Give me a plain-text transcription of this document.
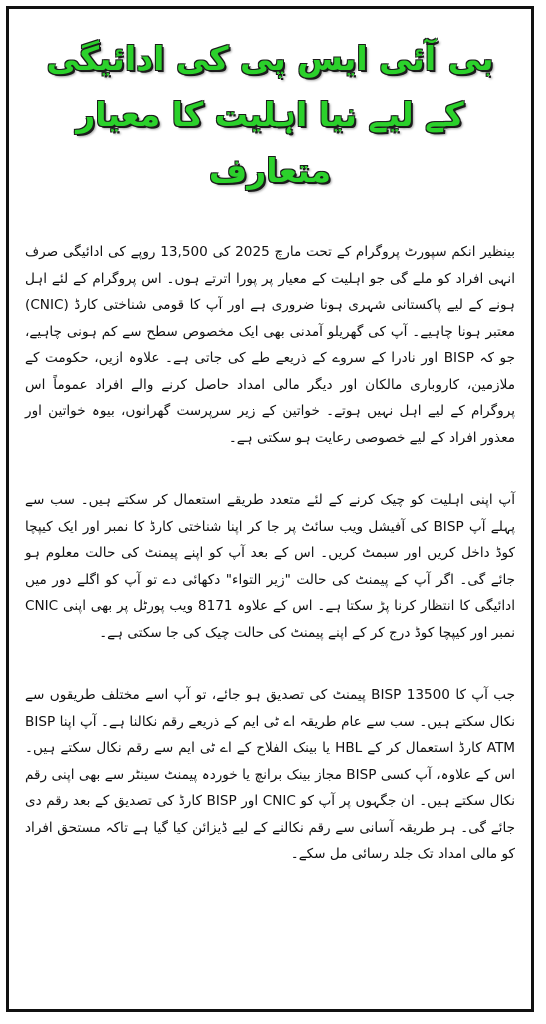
بی آئی ایس پی کی ادائیگی
کے لیے نیا اہلیت کا معیار
متعارف

بینظیر انکم سپورٹ پروگرام کے تحت مارچ 2025 کی 13,500 روپے کی ادائیگی صرف انہی افراد کو ملے گی جو اہلیت کے معیار پر پورا اترتے ہوں۔ اس پروگرام کے لئے اہل ہونے کے لیے پاکستانی شہری ہونا ضروری ہے اور آپ کا قومی شناختی کارڈ (CNIC) معتبر ہونا چاہیے۔ آپ کی گھریلو آمدنی بھی ایک مخصوص سطح سے کم ہونی چاہیے، جو کہ BISP اور نادرا کے سروے کے ذریعے طے کی جاتی ہے۔ علاوہ ازیں، حکومت کے ملازمین، کاروباری مالکان اور دیگر مالی امداد حاصل کرنے والے افراد عموماً اس پروگرام کے لیے اہل نہیں ہوتے۔ خواتین کے زیر سرپرست گھرانوں، بیوہ خواتین اور معذور افراد کے لیے خصوصی رعایت ہو سکتی ہے۔

آپ اپنی اہلیت کو چیک کرنے کے لئے متعدد طریقے استعمال کر سکتے ہیں۔ سب سے پہلے آپ BISP کی آفیشل ویب سائٹ پر جا کر اپنا شناختی کارڈ کا نمبر اور ایک کیپچا کوڈ داخل کریں اور سبمٹ کریں۔ اس کے بعد آپ کو اپنے پیمنٹ کی حالت معلوم ہو جائے گی۔ اگر آپ کے پیمنٹ کی حالت "زیر التواء" دکھائی دے تو آپ کو اگلے دور میں ادائیگی کا انتظار کرنا پڑ سکتا ہے۔ اس کے علاوہ 8171 ویب پورٹل پر بھی اپنی CNIC نمبر اور کیپچا کوڈ درج کر کے اپنے پیمنٹ کی حالت چیک کی جا سکتی ہے۔

جب آپ کا BISP 13500 پیمنٹ کی تصدیق ہو جائے، تو آپ اسے مختلف طریقوں سے نکال سکتے ہیں۔ سب سے عام طریقہ اے ٹی ایم کے ذریعے رقم نکالنا ہے۔ آپ اپنا BISP ATM کارڈ استعمال کر کے HBL یا بینک الفلاح کے اے ٹی ایم سے رقم نکال سکتے ہیں۔ اس کے علاوہ، آپ کسی BISP مجاز بینک برانچ یا خوردہ پیمنٹ سینٹر سے بھی اپنی رقم نکال سکتے ہیں۔ ان جگہوں پر آپ کو CNIC اور BISP کارڈ کی تصدیق کے بعد رقم دی جائے گی۔ ہر طریقہ آسانی سے رقم نکالنے کے لیے ڈیزائن کیا گیا ہے تاکہ مستحق افراد کو مالی امداد تک جلد رسائی مل سکے۔
